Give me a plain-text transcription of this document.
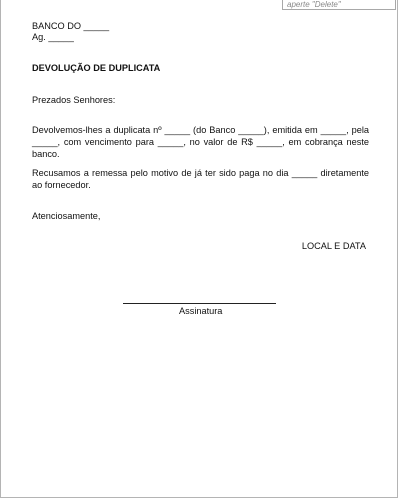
aperte "Delete"
BANCO DO _____
Ag. _____
DEVOLUÇÃO DE DUPLICATA
Prezados Senhores:
Devolvemos-lhes a duplicata nº _____ (do Banco _____), emitida em _____, pela _____, com vencimento para _____, no valor de R$ _____, em cobrança neste banco.
Recusamos a remessa pelo motivo de já ter sido paga no dia _____ diretamente ao fornecedor.
Atenciosamente,
LOCAL E DATA
Assinatura
